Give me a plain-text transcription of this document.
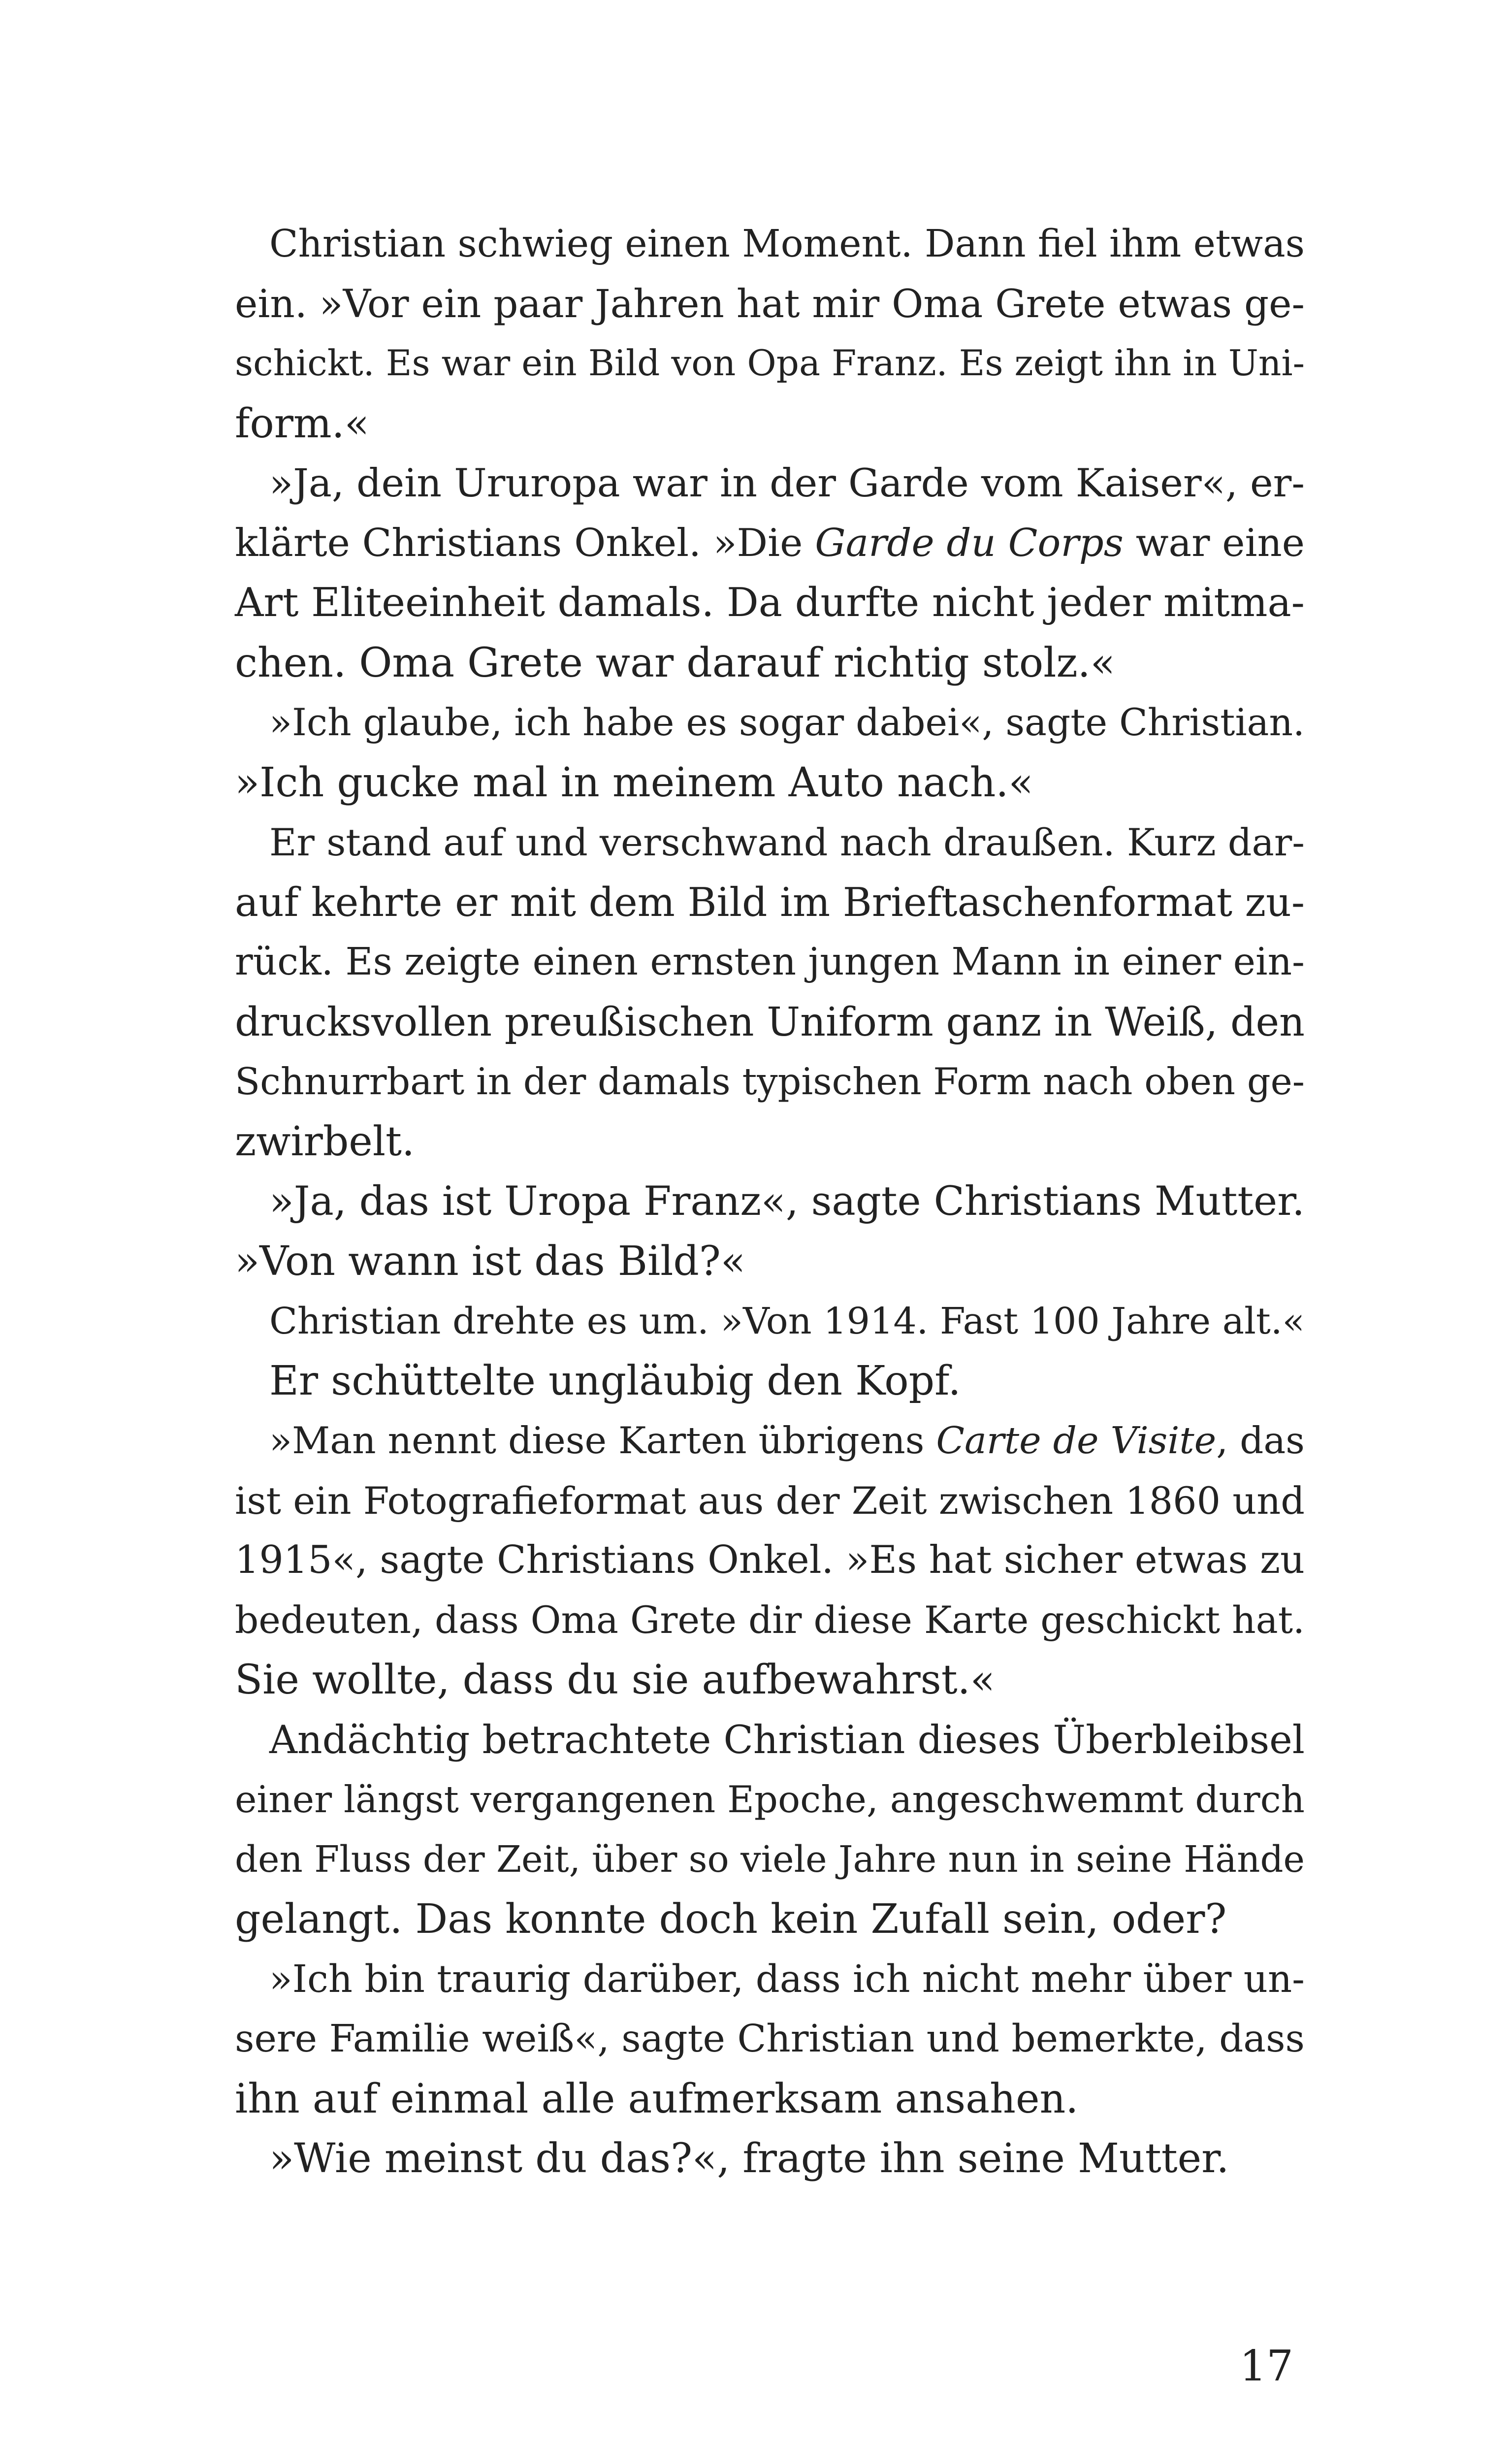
Christian schwieg einen Moment. Dann fiel ihm etwas
ein. »Vor ein paar Jahren hat mir Oma Grete etwas ge-
schickt. Es war ein Bild von Opa Franz. Es zeigt ihn in Uni-
form.«
»Ja, dein Ururopa war in der Garde vom Kaiser«, er-
klärte Christians Onkel. »Die Garde du Corps war eine
Art Eliteeinheit damals. Da durfte nicht jeder mitma-
chen. Oma Grete war darauf richtig stolz.«
»Ich glaube, ich habe es sogar dabei«, sagte Christian.
»Ich gucke mal in meinem Auto nach.«
Er stand auf und verschwand nach draußen. Kurz dar-
auf kehrte er mit dem Bild im Brieftaschenformat zu-
rück. Es zeigte einen ernsten jungen Mann in einer ein-
drucksvollen preußischen Uniform ganz in Weiß, den
Schnurrbart in der damals typischen Form nach oben ge-
zwirbelt.
»Ja, das ist Uropa Franz«, sagte Christians Mutter.
»Von wann ist das Bild?«
Christian drehte es um. »Von 1914. Fast 100 Jahre alt.«
Er schüttelte ungläubig den Kopf.
»Man nennt diese Karten übrigens Carte de Visite, das
ist ein Fotografieformat aus der Zeit zwischen 1860 und
1915«, sagte Christians Onkel. »Es hat sicher etwas zu
bedeuten, dass Oma Grete dir diese Karte geschickt hat.
Sie wollte, dass du sie aufbewahrst.«
Andächtig betrachtete Christian dieses Überbleibsel
einer längst vergangenen Epoche, angeschwemmt durch
den Fluss der Zeit, über so viele Jahre nun in seine Hände
gelangt. Das konnte doch kein Zufall sein, oder?
»Ich bin traurig darüber, dass ich nicht mehr über un-
sere Familie weiß«, sagte Christian und bemerkte, dass
ihn auf einmal alle aufmerksam ansahen.
»Wie meinst du das?«, fragte ihn seine Mutter.
17
